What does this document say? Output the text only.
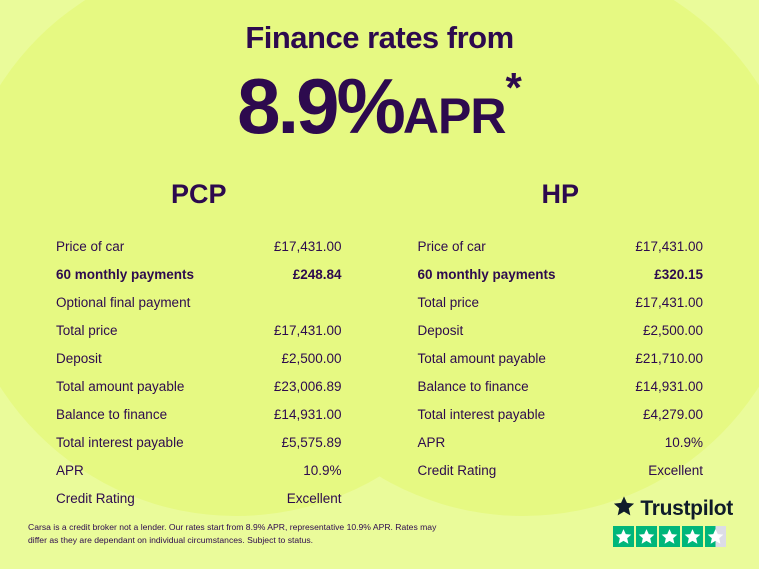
Finance rates from
8.9%APR*
PCP
Price of car	£17,431.00
60 monthly payments	£248.84
Optional final payment
Total price	£17,431.00
Deposit	£2,500.00
Total amount payable	£23,006.89
Balance to finance	£14,931.00
Total interest payable	£5,575.89
APR	10.9%
Credit Rating	Excellent
HP
Price of car	£17,431.00
60 monthly payments	£320.15
Total price	£17,431.00
Deposit	£2,500.00
Total amount payable	£21,710.00
Balance to finance	£14,931.00
Total interest payable	£4,279.00
APR	10.9%
Credit Rating	Excellent
Carsa is a credit broker not a lender. Our rates start from 8.9% APR, representative 10.9% APR. Rates may differ as they are dependant on individual circumstances. Subject to status.
Trustpilot
